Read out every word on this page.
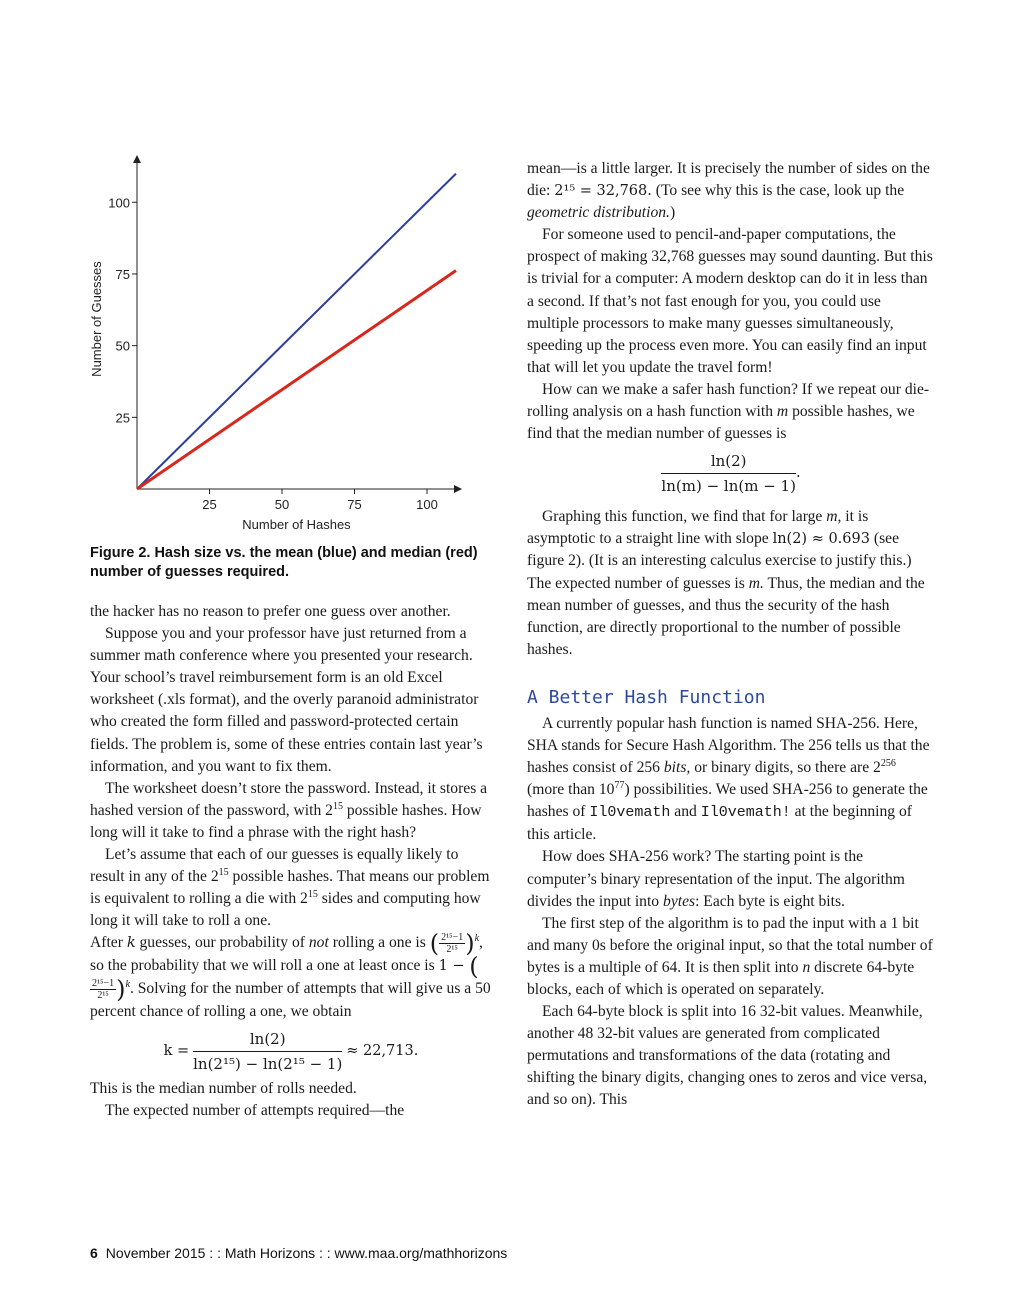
25	50	75	100
25
50
75
100
Number of Hashes
Number of Guesses
Figure 2. Hash size vs. the mean (blue) and median (red) number of guesses required.

the hacker has no reason to prefer one guess over another.

Suppose you and your professor have just returned from a summer math conference where you presented your research. Your school’s travel reimbursement form is an old Excel worksheet (.xls format), and the overly paranoid administrator who created the form filled and password-protected certain fields. The problem is, some of these entries contain last year’s information, and you want to fix them.

The worksheet doesn’t store the password. Instead, it stores a hashed version of the password, with $2^{15}$ possible hashes. How long will it take to find a phrase with the right hash?

Let’s assume that each of our guesses is equally likely to result in any of the $2^{15}$ possible hashes. That means our problem is equivalent to rolling a die with $2^{15}$ sides and computing how long it will take to roll a one.

After k guesses, our probability of not rolling a one is ( $\frac{\text{2¹⁵−1}}{\text{2¹⁵}} )^k$, so the probability that we will roll a one at least once is 1 − (
$\frac{\text{2¹⁵−1}}{\text{2¹⁵}} )^k$. Solving for the number of attempts that will give us a 50 percent chance of rolling a one, we obtain

$k = \frac{\ln(2)}{\text{ln(2¹⁵) − ln(2¹⁵ − 1)}} \approx 22,713$.

This is the median number of rolls needed.

The expected number of attempts required—the

mean—is a little larger. It is precisely the number of sides on the die: 2¹⁵ = 32,768. (To see why this is the case, look up the geometric distribution.)

For someone used to pencil-and-paper computations, the prospect of making 32,768 guesses may sound daunting. But this is trivial for a computer: A modern desktop can do it in less than a second. If that’s not fast enough for you, you could use multiple processors to make many guesses simultaneously, speeding up the process even more. You can easily find an input that will let you update the travel form!

How can we make a safer hash function? If we repeat our die-rolling analysis on a hash function with m possible hashes, we find that the median number of guesses is

$\frac{\ln(2)}{\ln(m) - \ln(m - 1)}$ .

Graphing this function, we find that for large m, it is asymptotic to a straight line with slope ln(2) ≈ 0.693 (see figure 2). (It is an interesting calculus exercise to justify this.) The expected number of guesses is m. Thus, the median and the mean number of guesses, and thus the security of the hash function, are directly proportional to the number of possible hashes.

A Better Hash Function

A currently popular hash function is named SHA-256. Here, SHA stands for Secure Hash Algorithm. The 256 tells us that the hashes consist of 256 bits, or binary digits, so there are $2^{256}$ (more than $10^{77}$) possibilities. We used SHA-256 to generate the hashes of Il0vemath and Il0vemath! at the beginning of this article.

How does SHA-256 work? The starting point is the computer’s binary representation of the input. The algorithm divides the input into bytes: Each byte is eight bits.

The first step of the algorithm is to pad the input with a 1 bit and many 0s before the original input, so that the total number of bytes is a multiple of 64. It is then split into n discrete 64-byte blocks, each of which is operated on separately.

Each 64-byte block is split into 16 32-bit values. Meanwhile, another 48 32-bit values are generated from complicated permutations and transformations of the data (rotating and shifting the binary digits, changing ones to zeros and vice versa, and so on). This

6 November 2015 : : Math Horizons : : www.maa.org/mathhorizons
